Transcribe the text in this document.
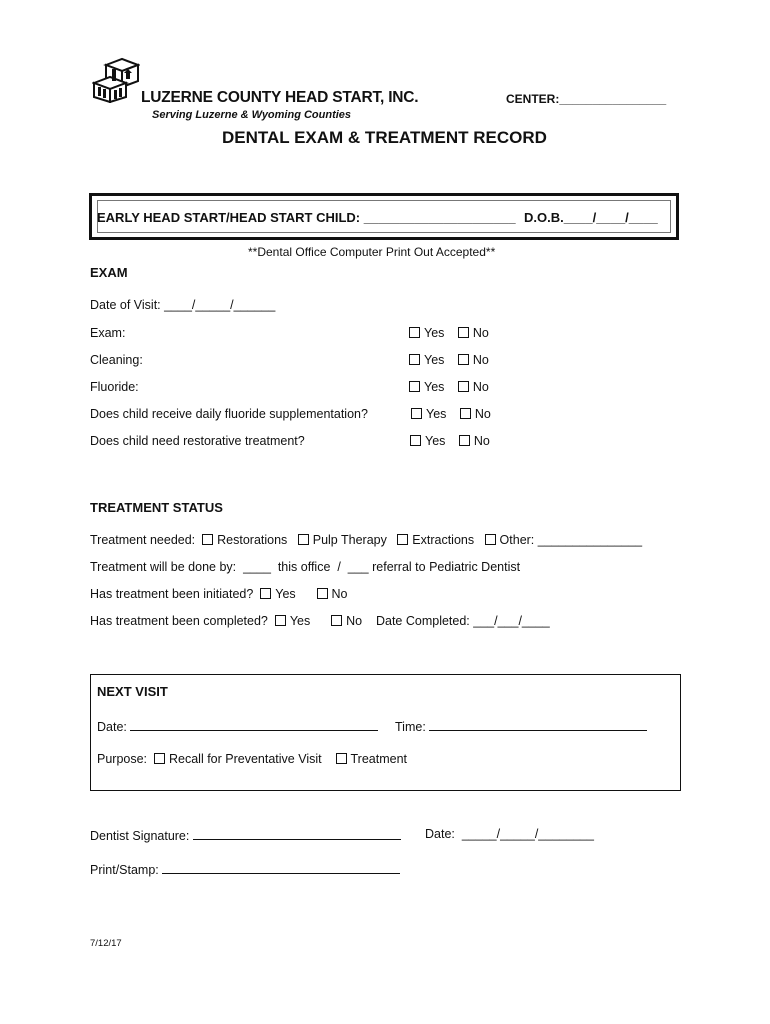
LUZERNE COUNTY HEAD START, INC.
Serving Luzerne & Wyoming Counties
CENTER:________________
DENTAL EXAM & TREATMENT RECORD
EARLY HEAD START/HEAD START CHILD: _____________________ D.O.B.____/____/____
**Dental Office Computer Print Out Accepted**
EXAM
Date of Visit: ____/_____/______
Exam:	Yes No
Cleaning:	Yes No
Fluoride:	Yes No
Does child receive daily fluoride supplementation?	Yes No
Does child need restorative treatment?	Yes No
TREATMENT STATUS
Treatment needed: Restorations Pulp Therapy Extractions Other: _______________
Treatment will be done by:  ____  this office  /  ___ referral to Pediatric Dentist
Has treatment been initiated? Yes	No
Has treatment been completed? Yes	No Date Completed: ___/___/____
NEXT VISIT
Date:	Time:
Purpose: Recall for Preventative Visit Treatment
Dentist Signature:	Date: _____/_____/________
Print/Stamp:
7/12/17
